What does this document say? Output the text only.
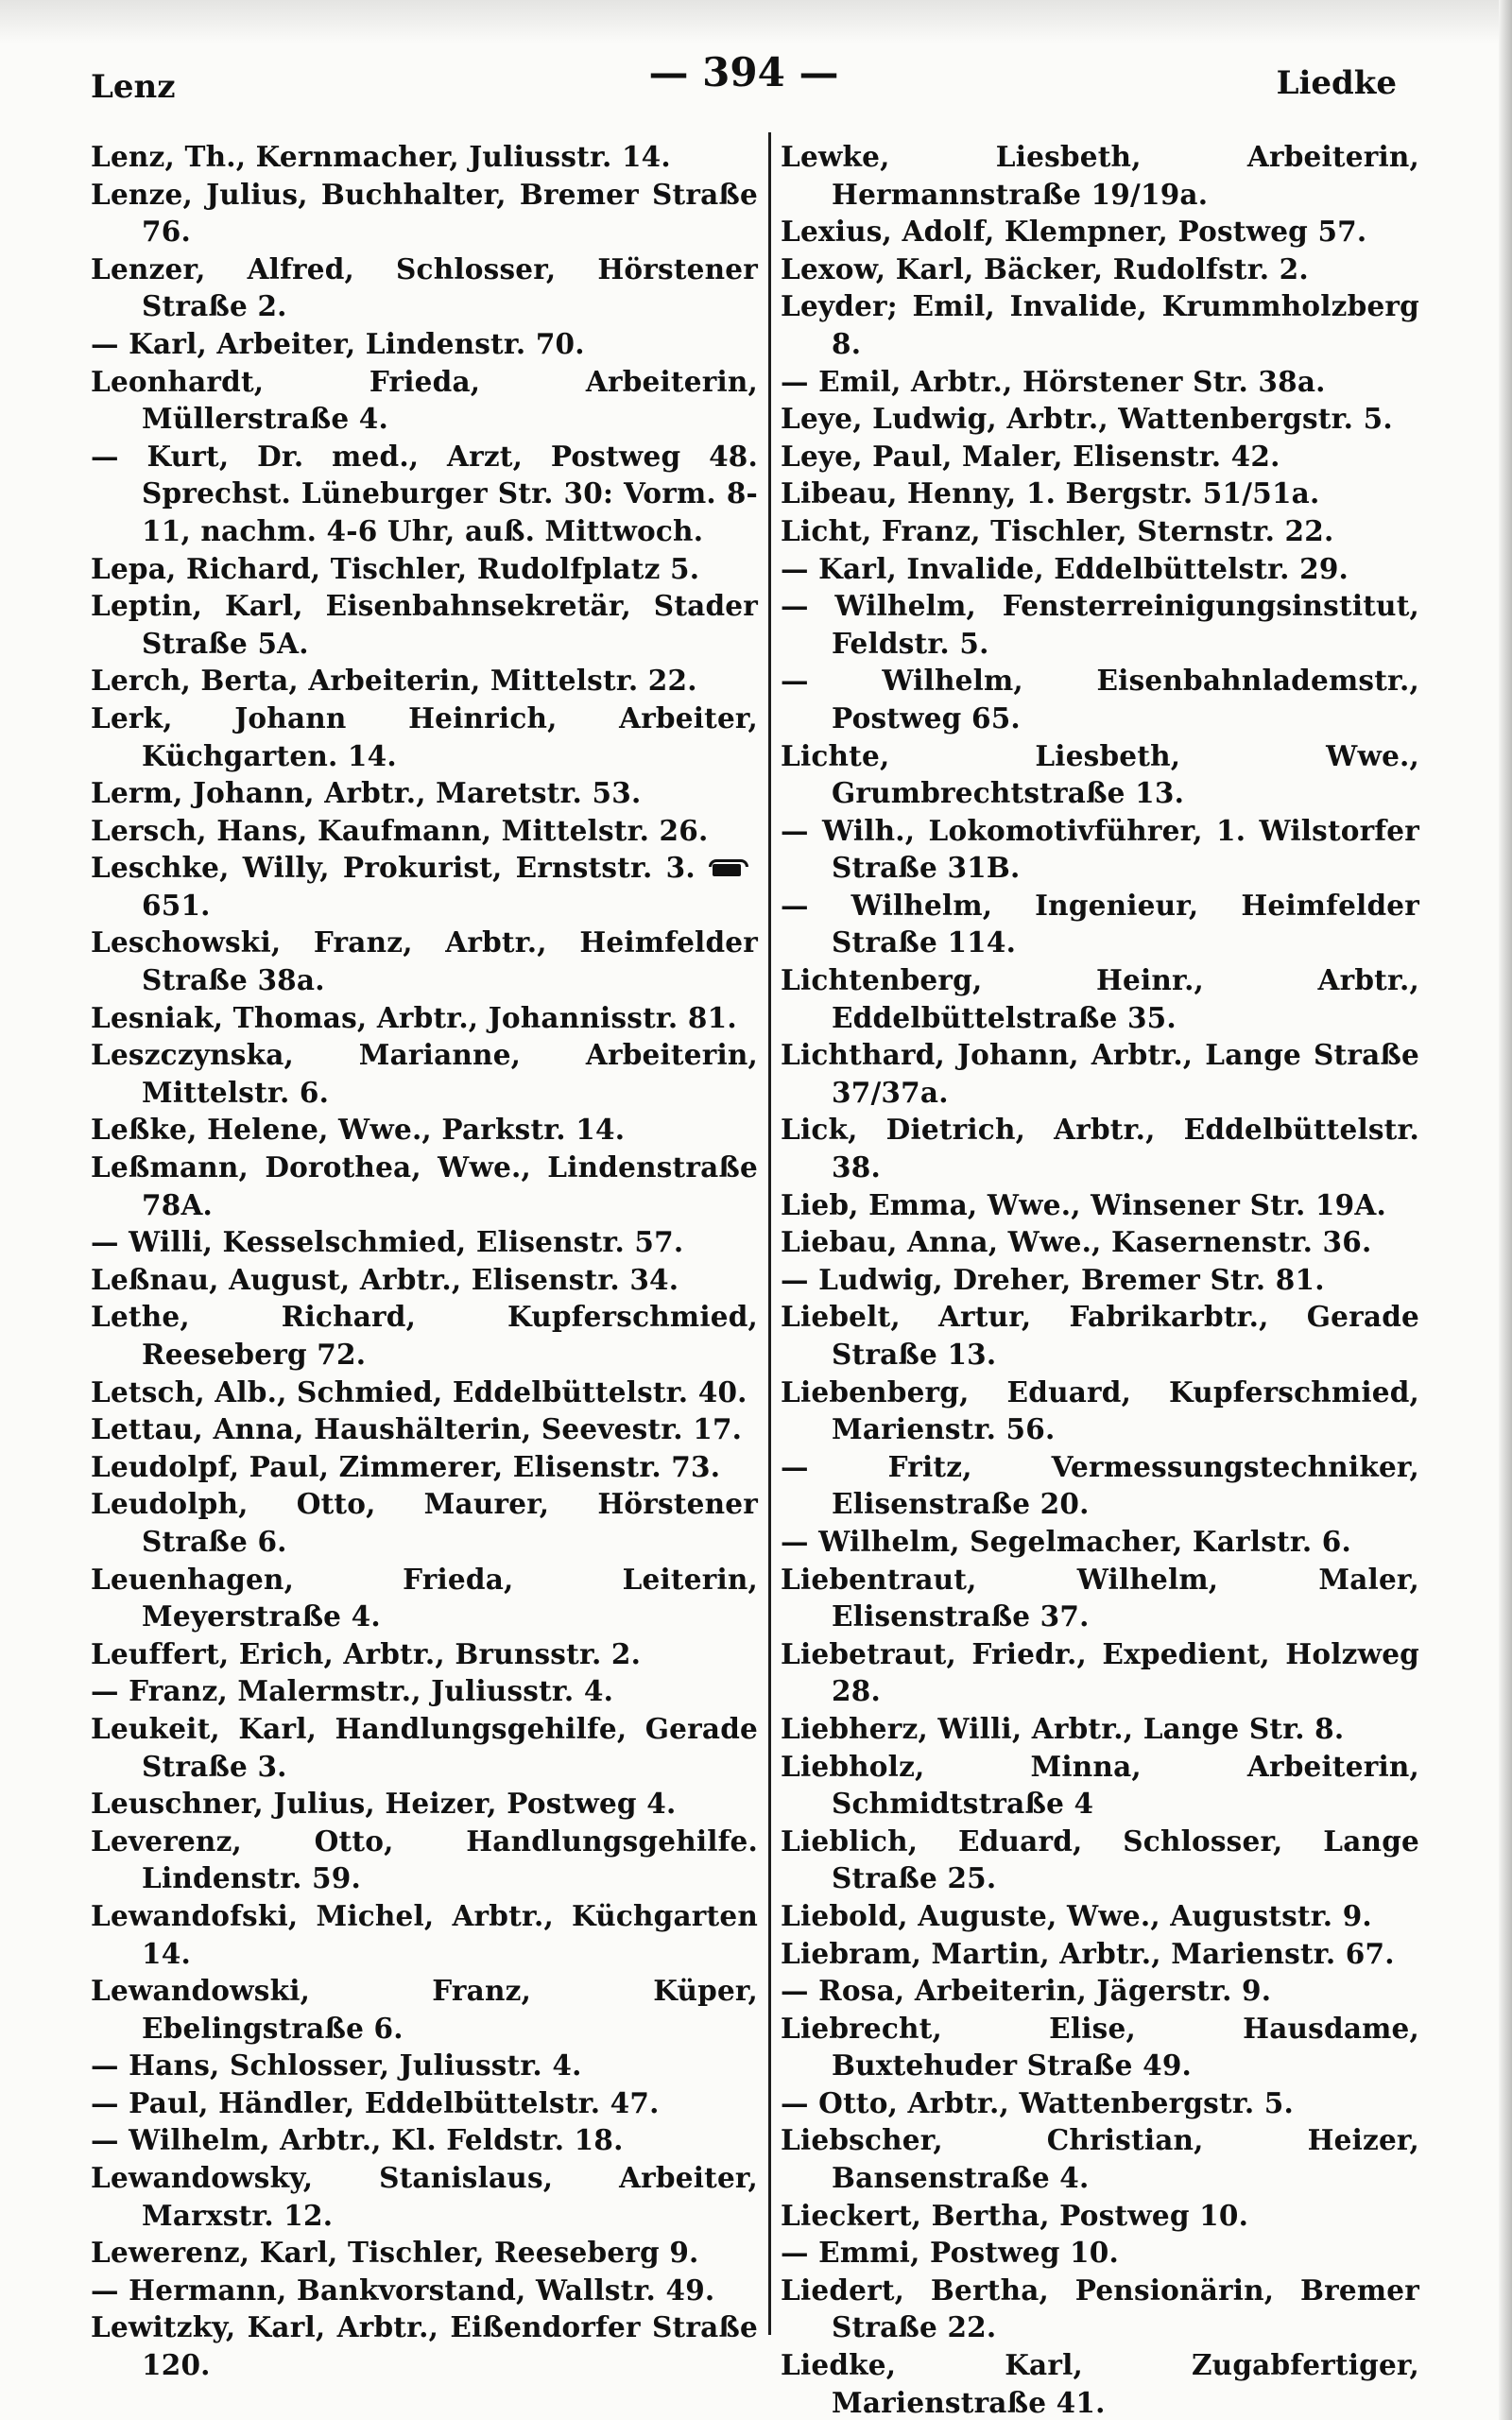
Lenz	— 394 —	Liedke

Lenz, Th., Kernmacher, Juliusstr. 14.

Lenze, Julius, Buchhalter, Bremer Straße 76.

Lenzer, Alfred, Schlosser, Hörstener Straße 2.

— Karl, Arbeiter, Lindenstr. 70.

Leonhardt, Frieda, Arbeiterin, Müllerstraße 4.

— Kurt, Dr. med., Arzt, Postweg 48. Sprechst. Lüneburger Str. 30: Vorm. 8-11, nachm. 4-6 Uhr, auß. Mittwoch.

Lepa, Richard, Tischler, Rudolfplatz 5.

Leptin, Karl, Eisenbahnsekretär, Stader Straße 5A.

Lerch, Berta, Arbeiterin, Mittelstr. 22.

Lerk, Johann Heinrich, Arbeiter, Küchgarten. 14.

Lerm, Johann, Arbtr., Maretstr. 53.

Lersch, Hans, Kaufmann, Mittelstr. 26.

Leschke, Willy, Prokurist, Ernststr. 3.
651.

Leschowski, Franz, Arbtr., Heimfelder Straße 38a.

Lesniak, Thomas, Arbtr., Johannisstr. 81.

Leszczynska, Marianne, Arbeiterin, Mittelstr. 6.

Leßke, Helene, Wwe., Parkstr. 14.

Leßmann, Dorothea, Wwe., Lindenstraße 78A.

— Willi, Kesselschmied, Elisenstr. 57.

Leßnau, August, Arbtr., Elisenstr. 34.

Lethe, Richard, Kupferschmied, Reeseberg 72.

Letsch, Alb., Schmied, Eddelbüttelstr. 40.

Lettau, Anna, Haushälterin, Seevestr. 17.

Leudolpf, Paul, Zimmerer, Elisenstr. 73.

Leudolph, Otto, Maurer, Hörstener Straße 6.

Leuenhagen, Frieda, Leiterin, Meyerstraße 4.

Leuffert, Erich, Arbtr., Brunsstr. 2.

— Franz, Malermstr., Juliusstr. 4.

Leukeit, Karl, Handlungsgehilfe, Gerade Straße 3.

Leuschner, Julius, Heizer, Postweg 4.

Leverenz, Otto, Handlungsgehilfe. Lindenstr. 59.

Lewandofski, Michel, Arbtr., Küchgarten 14.

Lewandowski, Franz, Küper, Ebelingstraße 6.

— Hans, Schlosser, Juliusstr. 4.

— Paul, Händler, Eddelbüttelstr. 47.

— Wilhelm, Arbtr., Kl. Feldstr. 18.

Lewandowsky, Stanislaus, Arbeiter, Marxstr. 12.

Lewerenz, Karl, Tischler, Reeseberg 9.

— Hermann, Bankvorstand, Wallstr. 49.

Lewitzky, Karl, Arbtr., Eißendorfer Straße 120.

Lewke, Liesbeth, Arbeiterin, Hermannstraße 19/19a.

Lexius, Adolf, Klempner, Postweg 57.

Lexow, Karl, Bäcker, Rudolfstr. 2.

Leyder; Emil, Invalide, Krummholzberg 8.

— Emil, Arbtr., Hörstener Str. 38a.

Leye, Ludwig, Arbtr., Wattenbergstr. 5.

Leye, Paul, Maler, Elisenstr. 42.

Libeau, Henny, 1. Bergstr. 51/51a.

Licht, Franz, Tischler, Sternstr. 22.

— Karl, Invalide, Eddelbüttelstr. 29.

— Wilhelm, Fensterreinigungsinstitut, Feldstr. 5.

— Wilhelm, Eisenbahnlademstr., Postweg 65.

Lichte, Liesbeth, Wwe., Grumbrechtstraße 13.

— Wilh., Lokomotivführer, 1. Wilstorfer Straße 31B.

— Wilhelm, Ingenieur, Heimfelder Straße 114.

Lichtenberg, Heinr., Arbtr., Eddelbüttelstraße 35.

Lichthard, Johann, Arbtr., Lange Straße 37/37a.

Lick, Dietrich, Arbtr., Eddelbüttelstr. 38.

Lieb, Emma, Wwe., Winsener Str. 19A.

Liebau, Anna, Wwe., Kasernenstr. 36.

— Ludwig, Dreher, Bremer Str. 81.

Liebelt, Artur, Fabrikarbtr., Gerade Straße 13.

Liebenberg, Eduard, Kupferschmied, Marienstr. 56.

— Fritz, Vermessungstechniker, Elisenstraße 20.

— Wilhelm, Segelmacher, Karlstr. 6.

Liebentraut, Wilhelm, Maler, Elisenstraße 37.

Liebetraut, Friedr., Expedient, Holzweg 28.

Liebherz, Willi, Arbtr., Lange Str. 8.

Liebholz, Minna, Arbeiterin, Schmidtstraße 4

Lieblich, Eduard, Schlosser, Lange Straße 25.

Liebold, Auguste, Wwe., Auguststr. 9.

Liebram, Martin, Arbtr., Marienstr. 67.

— Rosa, Arbeiterin, Jägerstr. 9.

Liebrecht, Elise, Hausdame, Buxtehuder Straße 49.

— Otto, Arbtr., Wattenbergstr. 5.

Liebscher, Christian, Heizer, Bansenstraße 4.

Lieckert, Bertha, Postweg 10.

— Emmi, Postweg 10.

Liedert, Bertha, Pensionärin, Bremer Straße 22.

Liedke, Karl, Zugabfertiger, Marienstraße 41.
